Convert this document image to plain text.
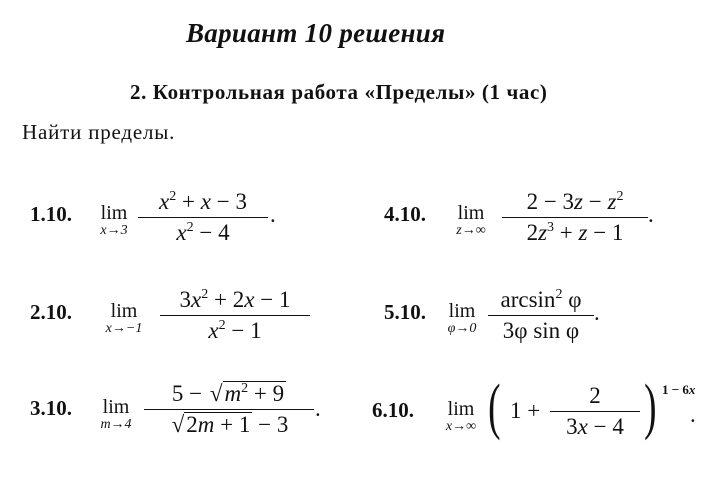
Вариант 10 решения
2. Контрольная работа «Пределы» (1 час)
Найти пределы.
1.10.	lim
x→3
$x^2 + x - 3$
$x^2 - 4$
.
2.10.	lim
x→−1
$3x^2 + 2x - 1$
$x^2 - 1$
3.10.	lim
m→4
$5 - √m^2 + 9$
√2m + 1 − 3
.
4.10.	lim
z→∞
$2 - 3z - z^2$
$2z^3 + z - 1$
.
5.10.	lim
φ→0
$\arcsin^2 \varphi$
3φ sin φ
.
6.10.	lim
x→∞ ( 1 +
2
3x − 4 ) 1 − 6x
.
